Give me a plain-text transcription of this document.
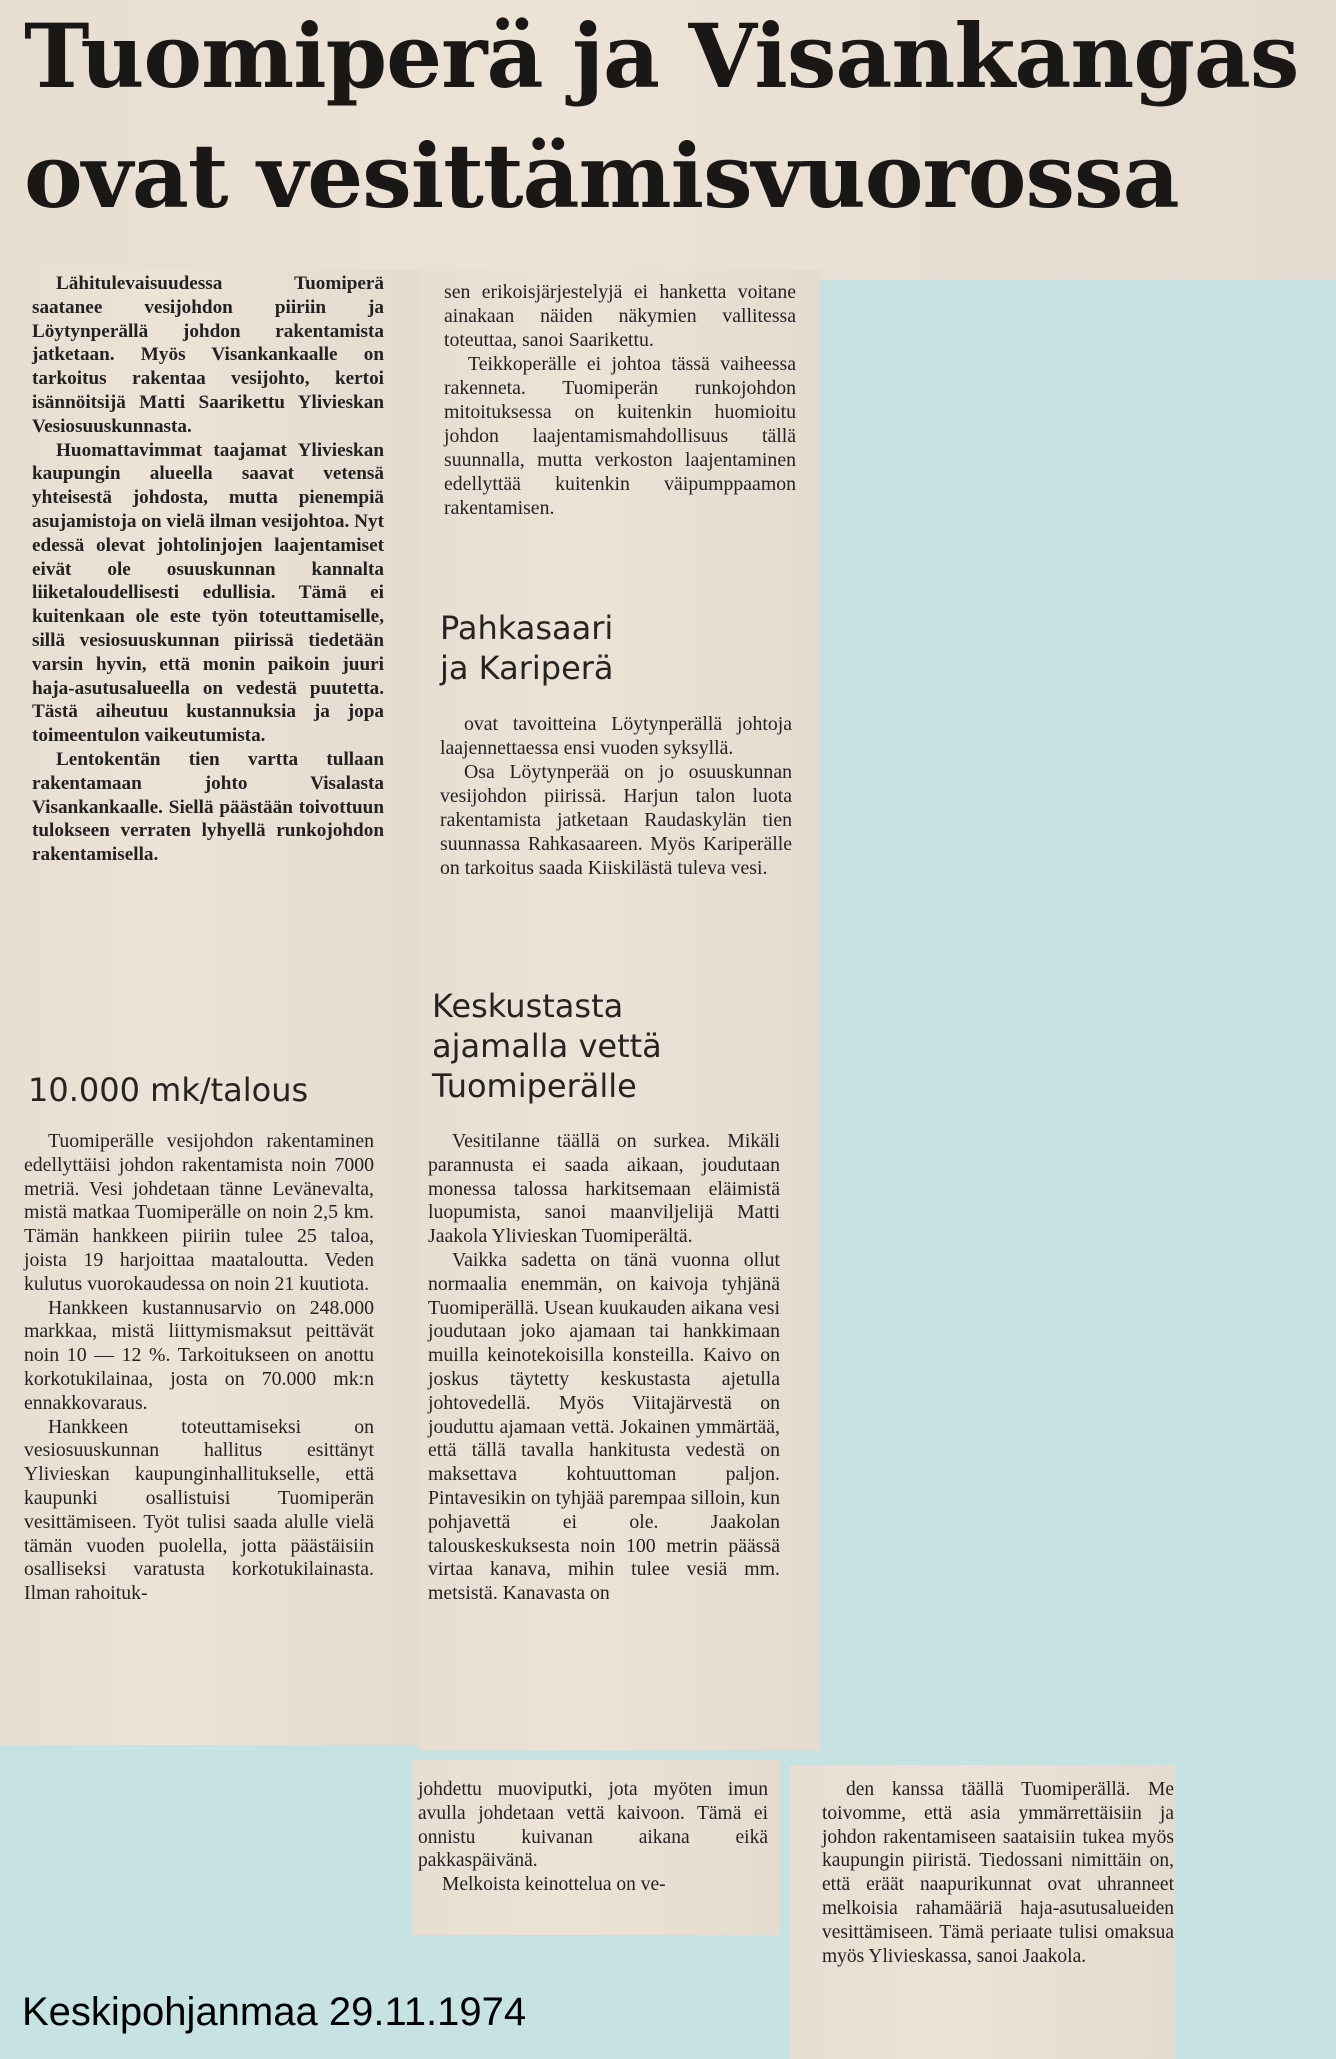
Tuomiperä ja Visankangas
ovat vesittämisvuorossa

Lähitulevaisuudessa Tuomiperä saatanee vesijohdon piiriin ja Löytynperällä johdon rakentamista jatketaan. Myös Visankankaalle on tarkoitus rakentaa vesijohto, kertoi isännöitsijä Matti Saarikettu Ylivieskan Vesiosuuskunnasta.

Huomattavimmat taajamat Ylivieskan kaupungin alueella saavat vetensä yhteisestä johdosta, mutta pienempiä asujamistoja on vielä ilman vesijohtoa. Nyt edessä olevat johtolinjojen laajentamiset eivät ole osuuskunnan kannalta liiketaloudellisesti edullisia. Tämä ei kuitenkaan ole este työn toteuttamiselle, sillä vesiosuuskunnan piirissä tiedetään varsin hyvin, että monin paikoin juuri haja-asutusalueella on vedestä puutetta. Tästä aiheutuu kustannuksia ja jopa toimeentulon vaikeutumista.

Lentokentän tien vartta tullaan rakentamaan johto Visalasta Visankankaalle. Siellä päästään toivottuun tulokseen verraten lyhyellä runkojohdon rakentamisella.

10.000 mk/talous

Tuomiperälle vesijohdon rakentaminen edellyttäisi johdon rakentamista noin 7000 metriä. Vesi johdetaan tänne Levänevalta, mistä matkaa Tuomiperälle on noin 2,5 km. Tämän hankkeen piiriin tulee 25 taloa, joista 19 harjoittaa maataloutta. Veden kulutus vuorokaudessa on noin 21 kuutiota.

Hankkeen kustannusarvio on 248.000 markkaa, mistä liittymismaksut peittävät noin 10 — 12 %. Tarkoitukseen on anottu korkotukilainaa, josta on 70.000 mk:n ennakkovaraus.

Hankkeen toteuttamiseksi on vesiosuuskunnan hallitus esittänyt Ylivieskan kaupunginhallitukselle, että kaupunki osallistuisi Tuomiperän vesittämiseen. Työt tulisi saada alulle vielä tämän vuoden puolella, jotta päästäisiin osalliseksi varatusta korkotukilainasta. Ilman rahoituk-

sen erikoisjärjestelyjä ei hanketta voitane ainakaan näiden näkymien vallitessa toteuttaa, sanoi Saarikettu.

Teikkoperälle ei johtoa tässä vaiheessa rakenneta. Tuomiperän runkojohdon mitoituksessa on kuitenkin huomioitu johdon laajentamismahdollisuus tällä suunnalla, mutta verkoston laajentaminen edellyttää kuitenkin väipumppaamon rakentamisen.

Pahkasaari
ja Kariperä

ovat tavoitteina Löytynperällä johtoja laajennettaessa ensi vuoden syksyllä.

Osa Löytynperää on jo osuuskunnan vesijohdon piirissä. Harjun talon luota rakentamista jatketaan Raudaskylän tien suunnassa Rahkasaareen. Myös Kariperälle on tarkoitus saada Kiiskilästä tuleva vesi.

Keskustasta
ajamalla vettä
Tuomiperälle

Vesitilanne täällä on surkea. Mikäli parannusta ei saada aikaan, joudutaan monessa talossa harkitsemaan eläimistä luopumista, sanoi maanviljelijä Matti Jaakola Ylivieskan Tuomiperältä.

Vaikka sadetta on tänä vuonna ollut normaalia enemmän, on kaivoja tyhjänä Tuomiperällä. Usean kuukauden aikana vesi joudutaan joko ajamaan tai hankkimaan muilla keinotekoisilla konsteilla. Kaivo on joskus täytetty keskustasta ajetulla johtovedellä. Myös Viitajärvestä on jouduttu ajamaan vettä. Jokainen ymmärtää, että tällä tavalla hankitusta vedestä on maksettava kohtuuttoman paljon. Pintavesikin on tyhjää parempaa silloin, kun pohjavettä ei ole. Jaakolan talouskeskuksesta noin 100 metrin päässä virtaa kanava, mihin tulee vesiä mm. metsistä. Kanavasta on

johdettu muoviputki, jota myöten imun avulla johdetaan vettä kaivoon. Tämä ei onnistu kuivanan aikana eikä pakkaspäivänä.

Melkoista keinottelua on ve-

den kanssa täällä Tuomiperällä. Me toivomme, että asia ymmärrettäisiin ja johdon rakentamiseen saataisiin tukea myös kaupungin piiristä. Tiedossani nimittäin on, että eräät naapurikunnat ovat uhranneet melkoisia rahamääriä haja-asutusalueiden vesittämiseen. Tämä periaate tulisi omaksua myös Ylivieskassa, sanoi Jaakola.

Keskipohjanmaa 29.11.1974
